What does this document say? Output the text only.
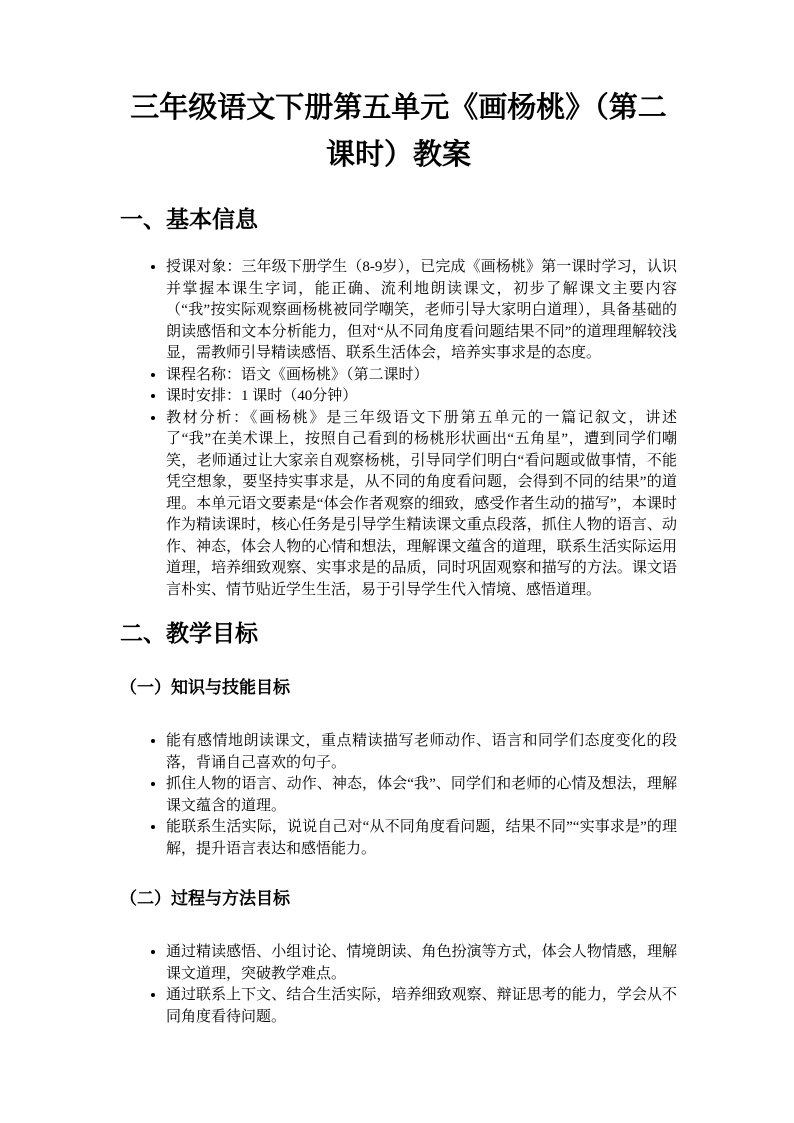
三年级语文下册第五单元《画杨桃》（第二课时）教案
一、基本信息
• 授课对象：三年级下册学生（8-9岁），已完成《画杨桃》第一课时学习，认识并掌握本课生字词，能正确、流利地朗读课文，初步了解课文主要内容（“我”按实际观察画杨桃被同学嘲笑，老师引导大家明白道理），具备基础的朗读感悟和文本分析能力，但对“从不同角度看问题结果不同”的道理理解较浅显，需教师引导精读感悟、联系生活体会，培养实事求是的态度。
• 课程名称：语文《画杨桃》（第二课时）
• 课时安排：1 课时（40分钟）
• 教材分析：《画杨桃》是三年级语文下册第五单元的一篇记叙文，讲述了“我”在美术课上，按照自己看到的杨桃形状画出“五角星”，遭到同学们嘲笑，老师通过让大家亲自观察杨桃，引导同学们明白“看问题或做事情，不能凭空想象，要坚持实事求是，从不同的角度看问题，会得到不同的结果”的道理。本单元语文要素是“体会作者观察的细致，感受作者生动的描写”，本课时作为精读课时，核心任务是引导学生精读课文重点段落，抓住人物的语言、动作、神态，体会人物的心情和想法，理解课文蕴含的道理，联系生活实际运用道理，培养细致观察、实事求是的品质，同时巩固观察和描写的方法。课文语言朴实、情节贴近学生生活，易于引导学生代入情境、感悟道理。
二、教学目标
（一）知识与技能目标
• 能有感情地朗读课文，重点精读描写老师动作、语言和同学们态度变化的段落，背诵自己喜欢的句子。
• 抓住人物的语言、动作、神态，体会“我”、同学们和老师的心情及想法，理解课文蕴含的道理。
• 能联系生活实际，说说自己对“从不同角度看问题，结果不同”“实事求是”的理解，提升语言表达和感悟能力。
（二）过程与方法目标
• 通过精读感悟、小组讨论、情境朗读、角色扮演等方式，体会人物情感，理解课文道理，突破教学难点。
• 通过联系上下文、结合生活实际，培养细致观察、辩证思考的能力，学会从不同角度看待问题。
